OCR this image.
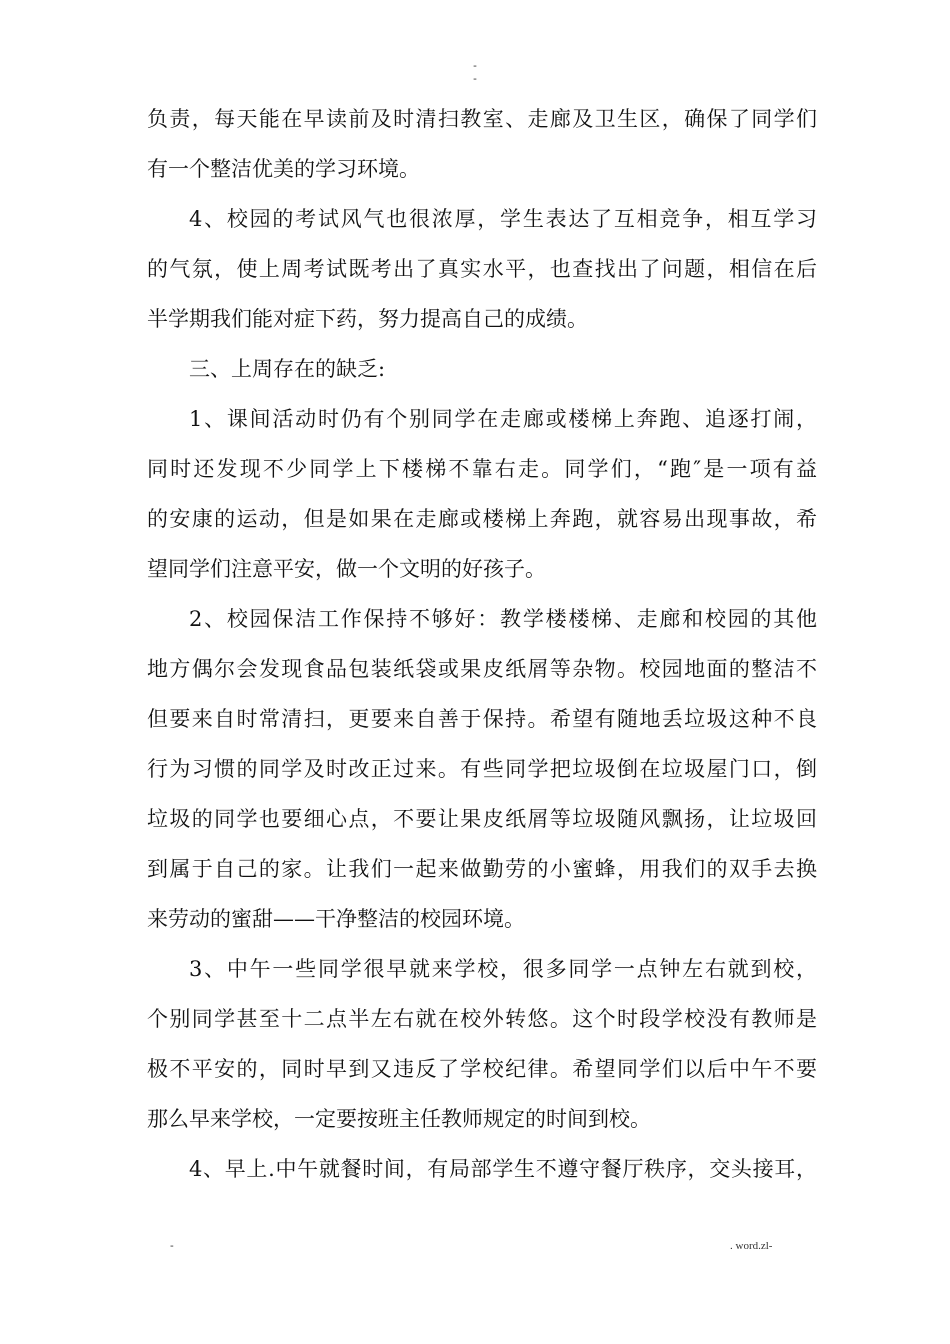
-
-
负责，每天能在早读前及时清扫教室、走廊及卫生区，确保了同学们
有一个整洁优美的学习环境。
4、校园的考试风气也很浓厚，学生表达了互相竞争，相互学习
的气氛，使上周考试既考出了真实水平，也查找出了问题，相信在后
半学期我们能对症下药，努力提高自己的成绩。
三、上周存在的缺乏:
1、课间活动时仍有个别同学在走廊或楼梯上奔跑、追逐打闹，
同时还发现不少同学上下楼梯不靠右走。同学们，“跑″是一项有益
的安康的运动，但是如果在走廊或楼梯上奔跑，就容易出现事故，希
望同学们注意平安，做一个文明的好孩子。
2、校园保洁工作保持不够好：教学楼楼梯、走廊和校园的其他
地方偶尔会发现食品包装纸袋或果皮纸屑等杂物。校园地面的整洁不
但要来自时常清扫，更要来自善于保持。希望有随地丢垃圾这种不良
行为习惯的同学及时改正过来。有些同学把垃圾倒在垃圾屋门口，倒
垃圾的同学也要细心点，不要让果皮纸屑等垃圾随风飘扬，让垃圾回
到属于自己的家。让我们一起来做勤劳的小蜜蜂，用我们的双手去换
来劳动的蜜甜——干净整洁的校园环境。
3、中午一些同学很早就来学校，很多同学一点钟左右就到校，
个别同学甚至十二点半左右就在校外转悠。这个时段学校没有教师是
极不平安的，同时早到又违反了学校纪律。希望同学们以后中午不要
那么早来学校，一定要按班主任教师规定的时间到校。
4、早上.中午就餐时间，有局部学生不遵守餐厅秩序，交头接耳，
-	. word.zl-
